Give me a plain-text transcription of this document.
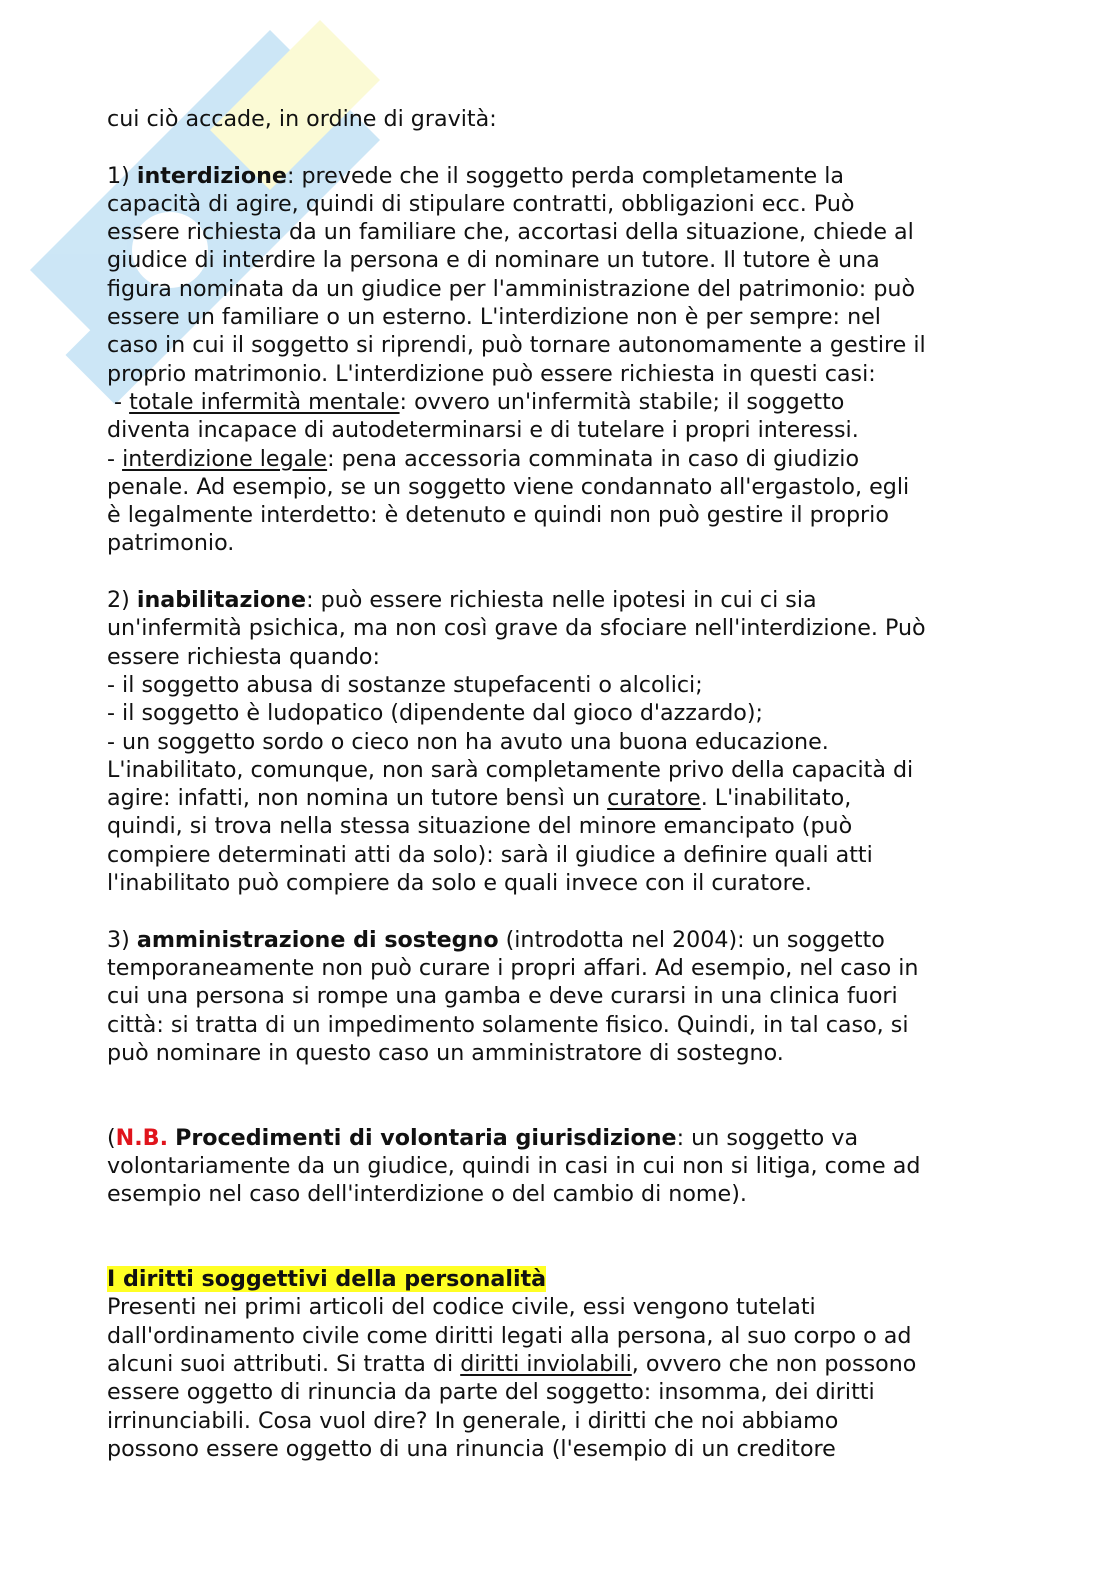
cui ciò accade, in ordine di gravità:

1) interdizione: prevede che il soggetto perda completamente la

capacità di agire, quindi di stipulare contratti, obbligazioni ecc. Può

essere richiesta da un familiare che, accortasi della situazione, chiede al

giudice di interdire la persona e di nominare un tutore. Il tutore è una

figura nominata da un giudice per l'amministrazione del patrimonio: può

essere un familiare o un esterno. L'interdizione non è per sempre: nel

caso in cui il soggetto si riprendi, può tornare autonomamente a gestire il

proprio matrimonio. L'interdizione può essere richiesta in questi casi:

- totale infermità mentale: ovvero un'infermità stabile; il soggetto

diventa incapace di autodeterminarsi e di tutelare i propri interessi.

- interdizione legale: pena accessoria comminata in caso di giudizio

penale. Ad esempio, se un soggetto viene condannato all'ergastolo, egli

è legalmente interdetto: è detenuto e quindi non può gestire il proprio

patrimonio.

2) inabilitazione: può essere richiesta nelle ipotesi in cui ci sia

un'infermità psichica, ma non così grave da sfociare nell'interdizione. Può

essere richiesta quando:

- il soggetto abusa di sostanze stupefacenti o alcolici;

- il soggetto è ludopatico (dipendente dal gioco d'azzardo);

- un soggetto sordo o cieco non ha avuto una buona educazione.

L'inabilitato, comunque, non sarà completamente privo della capacità di

agire: infatti, non nomina un tutore bensì un curatore. L'inabilitato,

quindi, si trova nella stessa situazione del minore emancipato (può

compiere determinati atti da solo): sarà il giudice a definire quali atti

l'inabilitato può compiere da solo e quali invece con il curatore.

3) amministrazione di sostegno (introdotta nel 2004): un soggetto

temporaneamente non può curare i propri affari. Ad esempio, nel caso in

cui una persona si rompe una gamba e deve curarsi in una clinica fuori

città: si tratta di un impedimento solamente fisico. Quindi, in tal caso, si

può nominare in questo caso un amministratore di sostegno.

(N.B. Procedimenti di volontaria giurisdizione: un soggetto va

volontariamente da un giudice, quindi in casi in cui non si litiga, come ad

esempio nel caso dell'interdizione o del cambio di nome).

I diritti soggettivi della personalità

Presenti nei primi articoli del codice civile, essi vengono tutelati

dall'ordinamento civile come diritti legati alla persona, al suo corpo o ad

alcuni suoi attributi. Si tratta di diritti inviolabili, ovvero che non possono

essere oggetto di rinuncia da parte del soggetto: insomma, dei diritti

irrinunciabili. Cosa vuol dire? In generale, i diritti che noi abbiamo

possono essere oggetto di una rinuncia (l'esempio di un creditore
